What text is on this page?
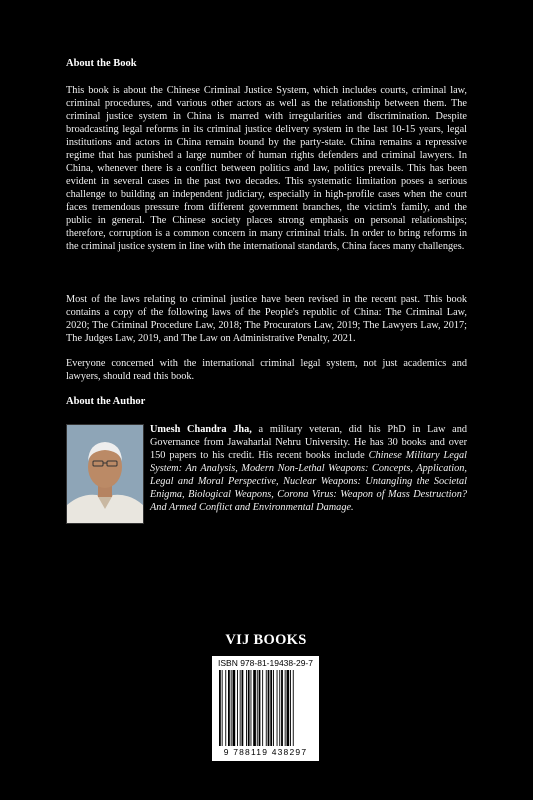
About the Book

This book is about the Chinese Criminal Justice System, which includes courts, criminal law, criminal procedures, and various other actors as well as the relationship between them. The criminal justice system in China is marred with irregularities and discrimination. Despite broadcasting legal reforms in its criminal justice delivery system in the last 10-15 years, legal institutions and actors in China remain bound by the party-state. China remains a repressive regime that has punished a large number of human rights defenders and criminal lawyers. In China, whenever there is a conflict between politics and law, politics prevails. This has been evident in several cases in the past two decades. This systematic limitation poses a serious challenge to building an independent judiciary, especially in high-profile cases when the court faces tremendous pressure from different government branches, the victim's family, and the public in general. The Chinese society places strong emphasis on personal relationships; therefore, corruption is a common concern in many criminal trials. In order to bring reforms in the criminal justice system in line with the international standards, China faces many challenges.

Most of the laws relating to criminal justice have been revised in the recent past. This book contains a copy of the following laws of the People's republic of China: The Criminal Law, 2020; The Criminal Procedure Law, 2018; The Procurators Law, 2019; The Lawyers Law, 2017; The Judges Law, 2019, and The Law on Administrative Penalty, 2021.

Everyone concerned with the international criminal legal system, not just academics and lawyers, should read this book.

About the Author
Umesh Chandra Jha, a military veteran, did his PhD in Law and Governance from Jawaharlal Nehru University. He has 30 books and over 150 papers to his credit. His recent books include Chinese Military Legal System: An Analysis, Modern Non-Lethal Weapons: Concepts, Application, Legal and Moral Perspective, Nuclear Weapons: Untangling the Societal Enigma, Biological Weapons, Corona Virus: Weapon of Mass Destruction? And Armed Conflict and Environmental Damage.
VIJ BOOKS
ISBN 978-81-19438-29-7
9 788119 438297
